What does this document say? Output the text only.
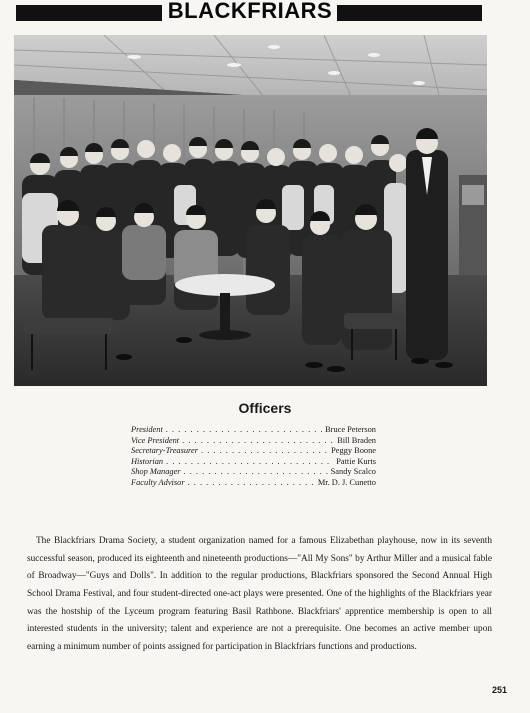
BLACKFRIARS
Officers
President . . .	Bruce Peterson
Vice President . . .	Bill Braden
Secretary-Treasurer . . .	Peggy Boone
Historian . . .	Pattie Kurts
Shop Manager . . .	Sandy Scalco
Faculty Advisor . . .	Mr. D. J. Cunetto

The Blackfriars Drama Society, a student organization named for a famous Elizabethan playhouse, now in its seventh successful season, produced its eighteenth and nineteenth productions—"All My Sons" by Arthur Miller and a musical fable of Broadway—"Guys and Dolls". In addition to the regular productions, Blackfriars sponsored the Second Annual High School Drama Festival, and four student-directed one-act plays were presented. One of the highlights of the Blackfriars year was the hostship of the Lyceum program featuring Basil Rathbone. Blackfriars' apprentice membership is open to all interested students in the university; talent and experience are not a prerequisite. One becomes an active member upon earning a minimum number of points assigned for participation in Blackfriars functions and productions.

251
